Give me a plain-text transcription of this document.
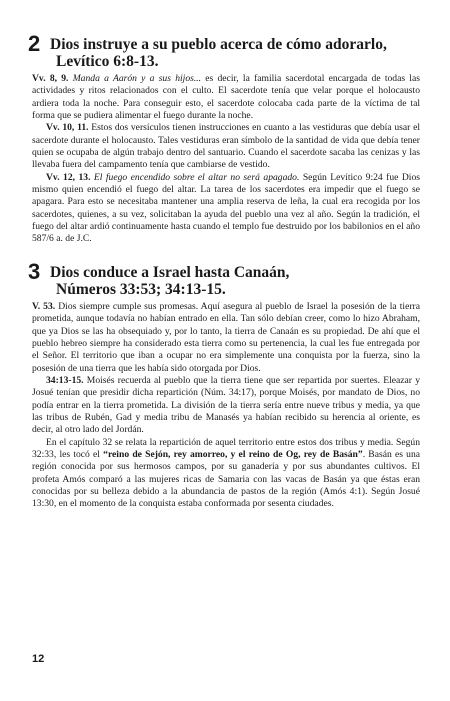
2 Dios instruye a su pueblo acerca de cómo adorarlo,
Levítico 6:8-13.

Vv. 8, 9. Manda a Aarón y a sus hijos... es decir, la familia sacerdotal encargada de todas las actividades y ritos relacionados con el culto. El sacerdote tenía que velar porque el holocausto ardiera toda la noche. Para conseguir esto, el sacerdote colocaba cada parte de la víctima de tal forma que se pudiera alimentar el fuego durante la noche.

Vv. 10, 11. Estos dos versículos tienen instrucciones en cuanto a las vestiduras que debía usar el sacerdote durante el holocausto. Tales vestiduras eran símbolo de la santidad de vida que debía tener quien se ocupaba de algún trabajo dentro del santuario. Cuando el sacerdote sacaba las cenizas y las llevaba fuera del campamento tenía que cambiarse de vestido.

Vv. 12, 13. El fuego encendido sobre el altar no será apagado. Según Levítico 9:24 fue Dios mismo quien encendió el fuego del altar. La tarea de los sacerdotes era impedir que el fuego se apagara. Para esto se necesitaba mantener una amplia reserva de leña, la cual era recogida por los sacerdotes, quienes, a su vez, solicitaban la ayuda del pueblo una vez al año. Según la tradición, el fuego del altar ardió continuamente hasta cuando el templo fue destruido por los babilonios en el año 587/6 a. de J.C.

3 Dios conduce a Israel hasta Canaán,
Números 33:53; 34:13-15.

V. 53. Dios siempre cumple sus promesas. Aquí asegura al pueblo de Israel la posesión de la tierra prometida, aunque todavía no habían entrado en ella. Tan sólo debían creer, como lo hizo Abraham, que ya Dios se las ha obsequiado y, por lo tanto, la tierra de Canaán es su propiedad. De ahí que el pueblo hebreo siempre ha considerado esta tierra como su pertenencia, la cual les fue entregada por el Señor. El territorio que iban a ocupar no era simplemente una conquista por la fuerza, sino la posesión de una tierra que les había sido otorgada por Dios.

34:13-15. Moisés recuerda al pueblo que la tierra tiene que ser repartida por suertes. Eleazar y Josué tenían que presidir dicha repartición (Núm. 34:17), porque Moisés, por mandato de Dios, no podía entrar en la tierra prometida. La división de la tierra sería entre nueve tribus y media, ya que las tribus de Rubén, Gad y media tribu de Manasés ya habían recibido su herencia al oriente, es decir, al otro lado del Jordán.

En el capítulo 32 se relata la repartición de aquel territorio entre estos dos tribus y media. Según 32:33, les tocó el “reino de Sejón, rey amorreo, y el reino de Og, rey de Basán”. Basán es una región conocida por sus hermosos campos, por su ganadería y por sus abundantes cultivos. El profeta Amós comparó a las mujeres ricas de Samaria con las vacas de Basán ya que éstas eran conocidas por su belleza debido a la abundancia de pastos de la región (Amós 4:1). Según Josué 13:30, en el momento de la conquista estaba conformada por sesenta ciudades.

12
